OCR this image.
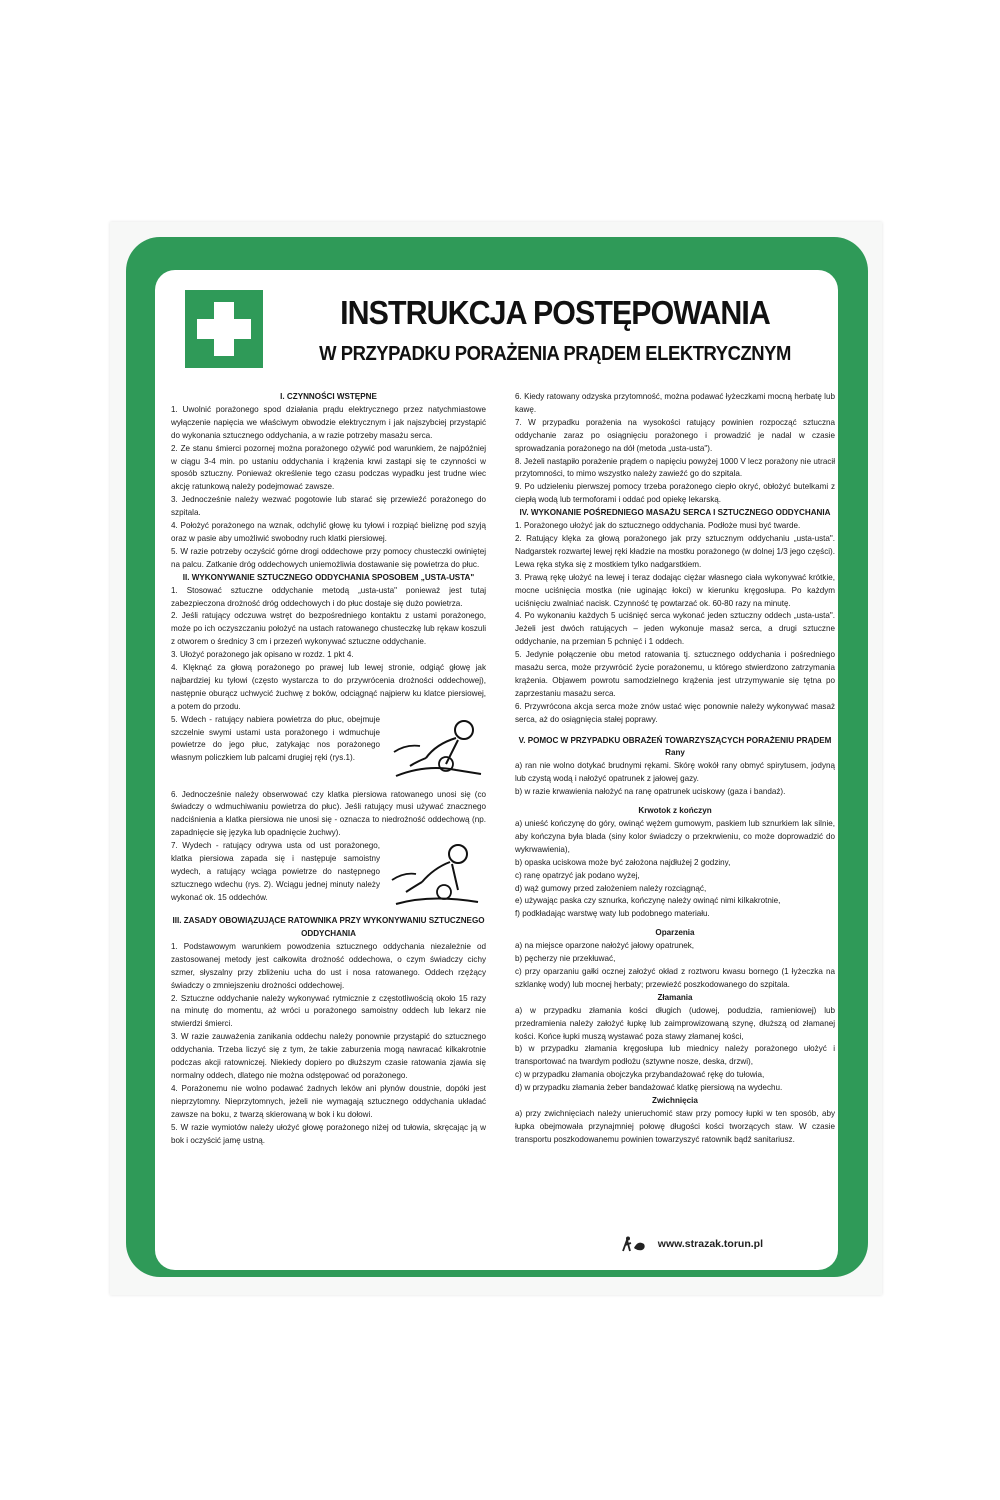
INSTRUKCJA POSTĘPOWANIA
W PRZYPADKU PORAŻENIA PRĄDEM ELEKTRYCZNYM

I. CZYNNOŚCI WSTĘPNE

1. Uwolnić porażonego spod działania prądu elektrycznego przez natychmiastowe wyłączenie napięcia we właściwym obwodzie elektrycznym i jak najszybciej przystąpić do wykonania sztucznego oddychania, a w razie potrzeby masażu serca.

2. Ze stanu śmierci pozornej można porażonego ożywić pod warunkiem, że najpóźniej w ciągu 3-4 min. po ustaniu oddychania i krążenia krwi zastąpi się te czynności w sposób sztuczny. Ponieważ określenie tego czasu podczas wypadku jest trudne wiec akcję ratunkową należy podejmować zawsze.

3. Jednocześnie należy wezwać pogotowie lub starać się przewieźć porażonego do szpitala.

4. Położyć porażonego na wznak, odchylić głowę ku tyłowi i rozpiąć bieliznę pod szyją oraz w pasie aby umożliwić swobodny ruch klatki piersiowej.

5. W razie potrzeby oczyścić górne drogi oddechowe przy pomocy chusteczki owiniętej na palcu. Zatkanie dróg oddechowych uniemożliwia dostawanie się powietrza do płuc.

II. WYKONYWANIE SZTUCZNEGO ODDYCHANIA SPOSOBEM „USTA-USTA"

1. Stosować sztuczne oddychanie metodą „usta-usta" ponieważ jest tutaj zabezpieczona drożność dróg oddechowych i do płuc dostaje się dużo powietrza.

2. Jeśli ratujący odczuwa wstręt do bezpośredniego kontaktu z ustami porażonego, może po ich oczyszczaniu położyć na ustach ratowanego chusteczkę lub rękaw koszuli z otworem o średnicy 3 cm i przezeń wykonywać sztuczne oddychanie.

3. Ułożyć porażonego jak opisano w rozdz. 1 pkt 4.

4. Klęknąć za głową porażonego po prawej lub lewej stronie, odgiąć głowę jak najbardziej ku tyłowi (często wystarcza to do przywrócenia drożności oddechowej), następnie oburącz uchwycić żuchwę z boków, odciągnąć najpierw ku klatce piersiowej, a potem do przodu.

5. Wdech - ratujący nabiera powietrza do płuc, obejmuje szczelnie swymi ustami usta porażonego i wdmuchuje powietrze do jego płuc, zatykając nos porażonego własnym policzkiem lub palcami drugiej ręki (rys.1).

6. Jednocześnie należy obserwować czy klatka piersiowa ratowanego unosi się (co świadczy o wdmuchiwaniu powietrza do płuc). Jeśli ratujący musi używać znacznego nadciśnienia a klatka piersiowa nie unosi się - oznacza to niedrożność oddechową (np. zapadnięcie się języka lub opadnięcie żuchwy).

7. Wydech - ratujący odrywa usta od ust porażonego, klatka piersiowa zapada się i następuje samoistny wydech, a ratujący wciąga powietrze do następnego sztucznego wdechu (rys. 2). Wciągu jednej minuty należy wykonać ok. 15 oddechów.

III. ZASADY OBOWIĄZUJĄCE RATOWNIKA PRZY WYKONYWANIU SZTUCZNEGO ODDYCHANIA

1. Podstawowym warunkiem powodzenia sztucznego oddychania niezależnie od zastosowanej metody jest całkowita drożność oddechowa, o czym świadczy cichy szmer, słyszalny przy zbliżeniu ucha do ust i nosa ratowanego. Oddech rzężący świadczy o zmniejszeniu drożności oddechowej.

2. Sztuczne oddychanie należy wykonywać rytmicznie z częstotliwością około 15 razy na minutę do momentu, aż wróci u porażonego samoistny oddech lub lekarz nie stwierdzi śmierci.

3. W razie zauważenia zanikania oddechu należy ponownie przystąpić do sztucznego oddychania. Trzeba liczyć się z tym, że takie zaburzenia mogą nawracać kilkakrotnie podczas akcji ratowniczej. Niekiedy dopiero po dłuższym czasie ratowania zjawia się normalny oddech, dlatego nie można odstępować od porażonego.

4. Porażonemu nie wolno podawać żadnych leków ani płynów doustnie, dopóki jest nieprzytomny. Nieprzytomnych, jeżeli nie wymagają sztucznego oddychania układać zawsze na boku, z twarzą skierowaną w bok i ku dołowi.

5. W razie wymiotów należy ułożyć głowę porażonego niżej od tułowia, skręcając ją w bok i oczyścić jamę ustną.

6. Kiedy ratowany odzyska przytomność, można podawać łyżeczkami mocną herbatę lub kawę.

7. W przypadku porażenia na wysokości ratujący powinien rozpocząć sztuczna oddychanie zaraz po osiągnięciu porażonego i prowadzić je nadal w czasie sprowadzania porażonego na dół (metoda „usta-usta").

8. Jeżeli nastąpiło porażenie prądem o napięciu powyżej 1000 V lecz porażony nie utracił przytomności, to mimo wszystko należy zawieźć go do szpitala.

9. Po udzieleniu pierwszej pomocy trzeba porażonego ciepło okryć, obłożyć butelkami z ciepłą wodą lub termoforami i oddać pod opiekę lekarską.

IV. WYKONANIE POŚREDNIEGO MASAŻU SERCA I SZTUCZNEGO ODDYCHANIA

1. Porażonego ułożyć jak do sztucznego oddychania. Podłoże musi być twarde.

2. Ratujący klęka za głową porażonego jak przy sztucznym oddychaniu „usta-usta". Nadgarstek rozwartej lewej ręki kładzie na mostku porażonego (w dolnej 1/3 jego części). Lewa ręka styka się z mostkiem tylko nadgarstkiem.

3. Prawą rękę ułożyć na lewej i teraz dodając ciężar własnego ciała wykonywać krótkie, mocne uciśnięcia mostka (nie uginając łokci) w kierunku kręgosłupa. Po każdym uciśnięciu zwalniać nacisk. Czynność tę powtarzać ok. 60-80 razy na minutę.

4. Po wykonaniu każdych 5 uciśnięć serca wykonać jeden sztuczny oddech „usta-usta". Jeżeli jest dwóch ratujących – jeden wykonuje masaż serca, a drugi sztuczne oddychanie, na przemian 5 pchnięć i 1 oddech.

5. Jedynie połączenie obu metod ratowania tj. sztucznego oddychania i pośredniego masażu serca, może przywrócić życie porażonemu, u którego stwierdzono zatrzymania krążenia. Objawem powrotu samodzielnego krążenia jest utrzymywanie się tętna po zaprzestaniu masażu serca.

6. Przywrócona akcja serca może znów ustać więc ponownie należy wykonywać masaż serca, aż do osiągnięcia stałej poprawy.

V. POMOC W PRZYPADKU OBRAŻEŃ TOWARZYSZĄCYCH PORAŻENIU PRĄDEM

Rany

a) ran nie wolno dotykać brudnymi rękami. Skórę wokół rany obmyć spirytusem, jodyną lub czystą wodą i nałożyć opatrunek z jałowej gazy.

b) w razie krwawienia nałożyć na ranę opatrunek uciskowy (gaza i bandaż).

Krwotok z kończyn

a) unieść kończynę do góry, owinąć wężem gumowym, paskiem lub sznurkiem lak silnie, aby kończyna była blada (siny kolor świadczy o przekrwieniu, co może doprowadzić do wykrwawienia),

b) opaska uciskowa może być założona najdłużej 2 godziny,

c) ranę opatrzyć jak podano wyżej,

d) wąż gumowy przed założeniem należy rozciągnąć,

e) używając paska czy sznurka, kończynę należy owinąć nimi kilkakrotnie,

f) podkładając warstwę waty lub podobnego materiału.

Oparzenia

a) na miejsce oparzone nałożyć jałowy opatrunek,

b) pęcherzy nie przekłuwać,

c) przy oparzaniu gałki ocznej założyć okład z roztworu kwasu bornego (1 łyżeczka na szklankę wody) lub mocnej herbaty; przewieźć poszkodowanego do szpitala.

Złamania

a) w przypadku złamania kości długich (udowej, podudzia, ramieniowej) lub przedramienia należy założyć łupkę lub zaimprowizowaną szynę, dłuższą od złamanej kości. Końce łupki muszą wystawać poza stawy złamanej kości,

b) w przypadku złamania kręgosłupa lub miednicy należy porażonego ułożyć i transportować na twardym podłożu (sztywne nosze, deska, drzwi),

c) w przypadku złamania obojczyka przybandażować rękę do tułowia,

d) w przypadku złamania żeber bandażować klatkę piersiową na wydechu.

Zwichnięcia

a) przy zwichnięciach należy unieruchomić staw przy pomocy łupki w ten sposób, aby łupka obejmowała przynajmniej połowę długości kości tworzących staw. W czasie transportu poszkodowanemu powinien towarzyszyć ratownik bądź sanitariusz.

www.strazak.torun.pl
